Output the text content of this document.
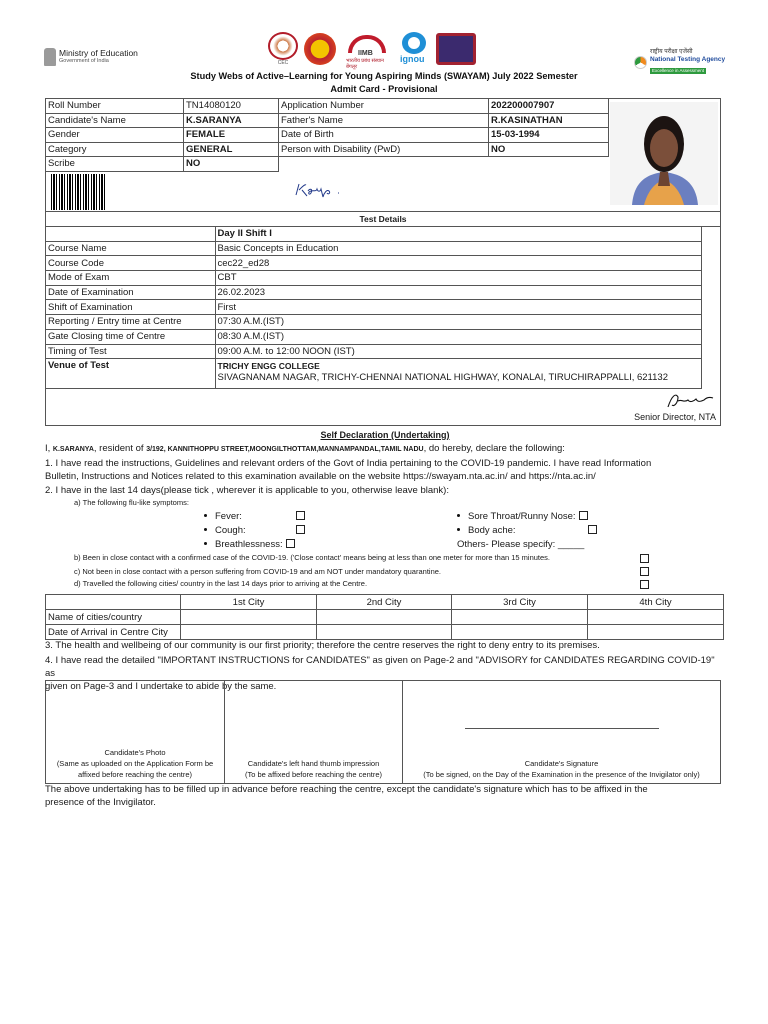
Ministry of Education
Government of India	CEC
IIMB
भारतीय प्रबंध संस्थान बेंगलूर
ignou
राष्ट्रीय परीक्षा एजेंसी
National Testing Agency
Excellence in Assessment
Study Webs of Active–Learning for Young Aspiring Minds (SWAYAM) July 2022 Semester
Admit Card - Provisional
Roll Number	TN14080120	Application Number	202200007907
Candidate's Name	K.SARANYA	Father's Name	R.KASINATHAN
Gender	FEMALE	Date of Birth	15-03-1994
Category	GENERAL	Person with Disability (PwD)	NO
Scribe	NO		
Test Details
	Day II Shift I
Course Name	Basic Concepts in Education
Course Code	cec22_ed28
Mode of Exam	CBT
Date of Examination	26.02.2023
Shift of Examination	First
Reporting / Entry time at Centre	07:30 A.M.(IST)
Gate Closing time of Centre	08:30 A.M.(IST)
Timing of Test	09:00 A.M. to 12:00 NOON (IST)
Venue of Test	TRICHY ENGG COLLEGE
SIVAGNANAM NAGAR, TRICHY-CHENNAI NATIONAL HIGHWAY, KONALAI, TIRUCHIRAPPALLI, 621132
Senior Director, NTA
Self Declaration (Undertaking)
I, K.SARANYA, resident of 3/192, KANNITHOPPU STREET,MOONGILTHOTTAM,MANNAMPANDAL,TAMIL NADU, do hereby, declare the following:
1. I have read the instructions, Guidelines and relevant orders of the Govt of India pertaining to the COVID-19 pandemic. I have read Information
Bulletin, Instructions and Notices related to this examination available on the website https://swayam.nta.ac.in/ and https://nta.ac.in/
2. I have in the last 14 days(please tick , wherever it is applicable to you, otherwise leave blank):
a) The following flu-like symptoms:
Fever:
Cough:
Breathlessness:
Sore Throat/Runny Nose:
Body ache:
Others- Please specify: _____
b) Been in close contact with a confirmed case of the COVID-19. ('Close contact' means being at less than one meter for more than 15 minutes.
c) Not been in close contact with a person suffering from COVID-19 and am NOT under mandatory quarantine.
d) Travelled the following cities/ country in the last 14 days prior to arriving at the Centre.
	1st City	2nd City	3rd City	4th City
Name of cities/country				
Date of Arrival in Centre City				
3. The health and wellbeing of our community is our first priority; therefore the centre reserves the right to deny entry to its premises.
4. I have read the detailed "IMPORTANT INSTRUCTIONS for CANDIDATES" as given on Page-2 and "ADVISORY for CANDIDATES REGARDING COVID-19" as
given on Page-3 and I undertake to abide by the same.
Candidate's Photo
(Same as uploaded on the Application Form be
affixed before reaching the centre)
Candidate's left hand thumb impression
(To be affixed before reaching the centre)
Candidate's Signature
(To be signed, on the Day of the Examination in the presence of the Invigilator only)
The above undertaking has to be filled up in advance before reaching the centre, except the candidate's signature which has to be affixed in the
presence of the Invigilator.
